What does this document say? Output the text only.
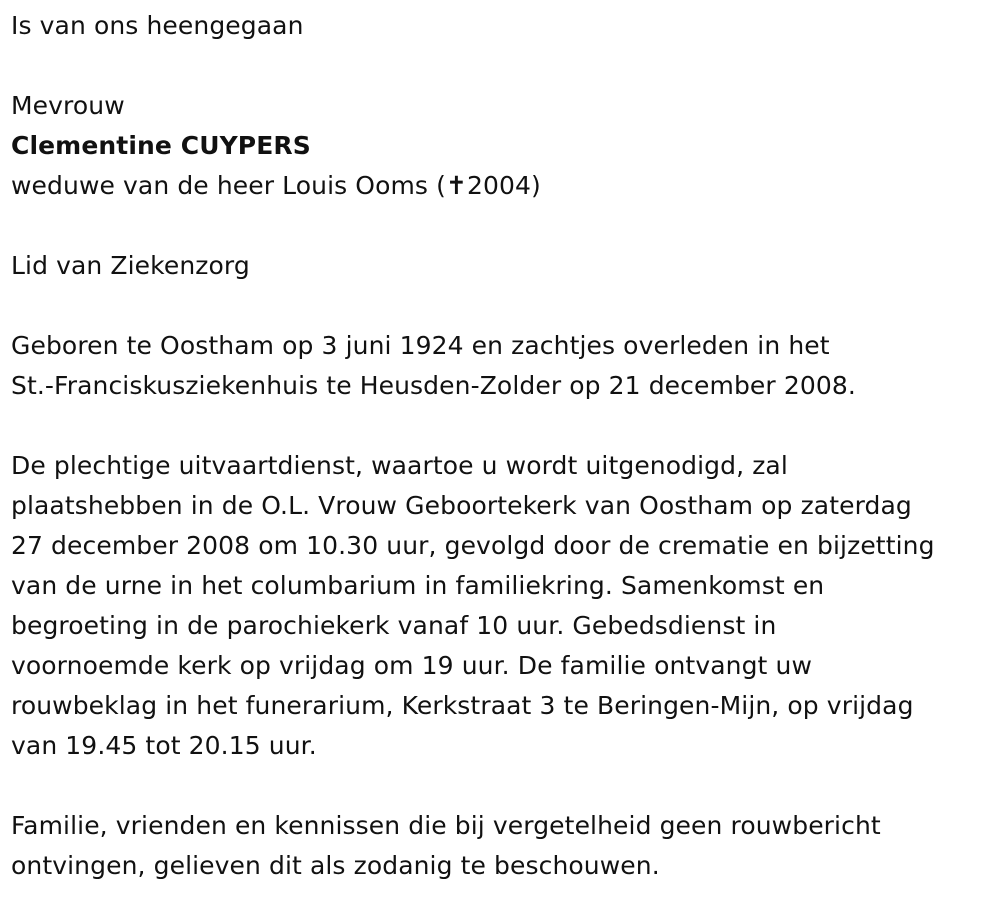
Is van ons heengegaan
Mevrouw
Clementine CUYPERS
weduwe van de heer Louis Ooms (✝2004)
Lid van Ziekenzorg
Geboren te Oostham op 3 juni 1924 en zachtjes overleden in het
St.-Franciskusziekenhuis te Heusden-Zolder op 21 december 2008.
De plechtige uitvaartdienst, waartoe u wordt uitgenodigd, zal
plaatshebben in de O.L. Vrouw Geboortekerk van Oostham op zaterdag
27 december 2008 om 10.30 uur, gevolgd door de crematie en bijzetting
van de urne in het columbarium in familiekring. Samenkomst en
begroeting in de parochiekerk vanaf 10 uur. Gebedsdienst in
voornoemde kerk op vrijdag om 19 uur. De familie ontvangt uw
rouwbeklag in het funerarium, Kerkstraat 3 te Beringen-Mijn, op vrijdag
van 19.45 tot 20.15 uur.
Familie, vrienden en kennissen die bij vergetelheid geen rouwbericht
ontvingen, gelieven dit als zodanig te beschouwen.
